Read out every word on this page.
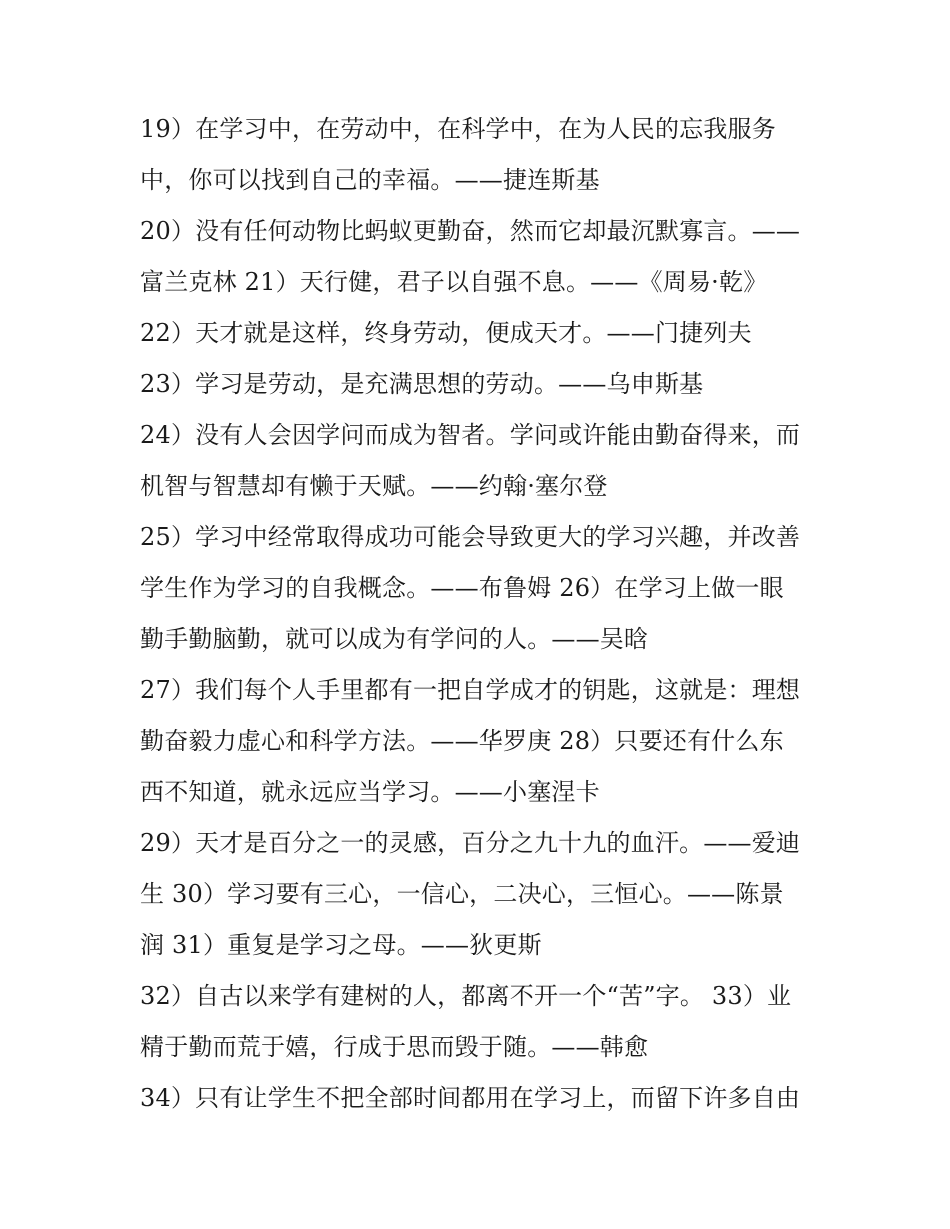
19）在学习中，在劳动中，在科学中，在为人民的忘我服务
中，你可以找到自己的幸福。——捷连斯基
20）没有任何动物比蚂蚁更勤奋，然而它却最沉默寡言。——
富兰克林 21）天行健，君子以自强不息。——《周易·乾》
22）天才就是这样，终身劳动，便成天才。——门捷列夫
23）学习是劳动，是充满思想的劳动。——乌申斯基
24）没有人会因学问而成为智者。学问或许能由勤奋得来，而
机智与智慧却有懒于天赋。——约翰·塞尔登
25）学习中经常取得成功可能会导致更大的学习兴趣，并改善
学生作为学习的自我概念。——布鲁姆 26）在学习上做一眼
勤手勤脑勤，就可以成为有学问的人。——吴晗
27）我们每个人手里都有一把自学成才的钥匙，这就是：理想
勤奋毅力虚心和科学方法。——华罗庚 28）只要还有什么东
西不知道，就永远应当学习。——小塞涅卡
29）天才是百分之一的灵感，百分之九十九的血汗。——爱迪
生 30）学习要有三心，一信心，二决心，三恒心。——陈景
润 31）重复是学习之母。——狄更斯
32）自古以来学有建树的人，都离不开一个“苦”字。 33）业
精于勤而荒于嬉，行成于思而毁于随。——韩愈
34）只有让学生不把全部时间都用在学习上，而留下许多自由
